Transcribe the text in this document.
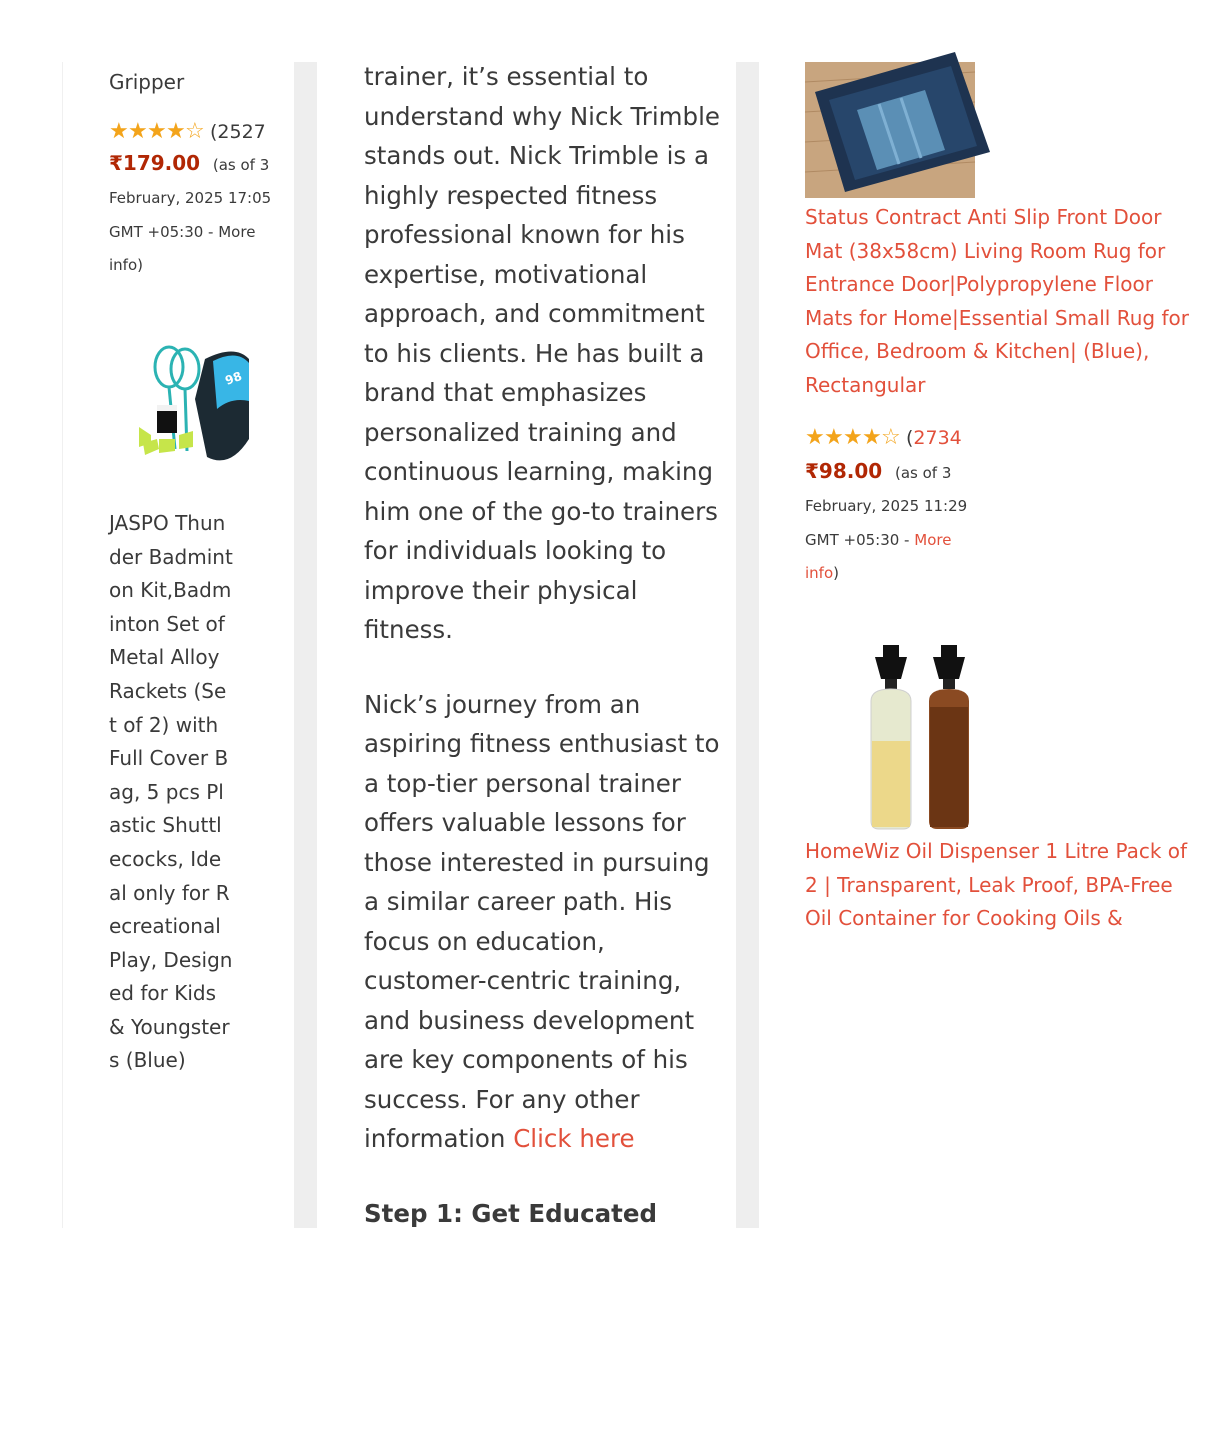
Gripper

★ ★ ★ ★ ☆ (2527
₹179.00 (as of 3 February, 2025 17:05 GMT +05:30 - More info)
98

JASPO Thunder Badminton Kit,Badminton Set of Metal Alloy Rackets (Set of 2) with Full Cover Bag, 5 pcs Plastic Shuttlecocks, Ideal only for Recreational Play, Designed for Kids & Youngsters (Blue)

trainer, it’s essential to understand why Nick Trimble stands out. Nick Trimble is a highly respected fitness professional known for his expertise, motivational approach, and commitment to his clients. He has built a brand that emphasizes personalized training and continuous learning, making him one of the go-to trainers for individuals looking to improve their physical fitness.

Nick’s journey from an aspiring fitness enthusiast to a top-tier personal trainer offers valuable lessons for those interested in pursuing a similar career path. His focus on education, customer-centric training, and business development are key components of his success. For any other information Click here

Step 1: Get Educated

Status Contract Anti Slip Front Door Mat (38x58cm) Living Room Rug for Entrance Door|Polypropylene Floor Mats for Home|Essential Small Rug for Office, Bedroom & Kitchen| (Blue), Rectangular

★ ★ ★ ★ ☆ (2734
₹98.00 (as of 3 February, 2025 11:29 GMT +05:30 - More info)

HomeWiz Oil Dispenser 1 Litre Pack of 2 | Transparent, Leak Proof, BPA-Free Oil Container for Cooking Oils &
